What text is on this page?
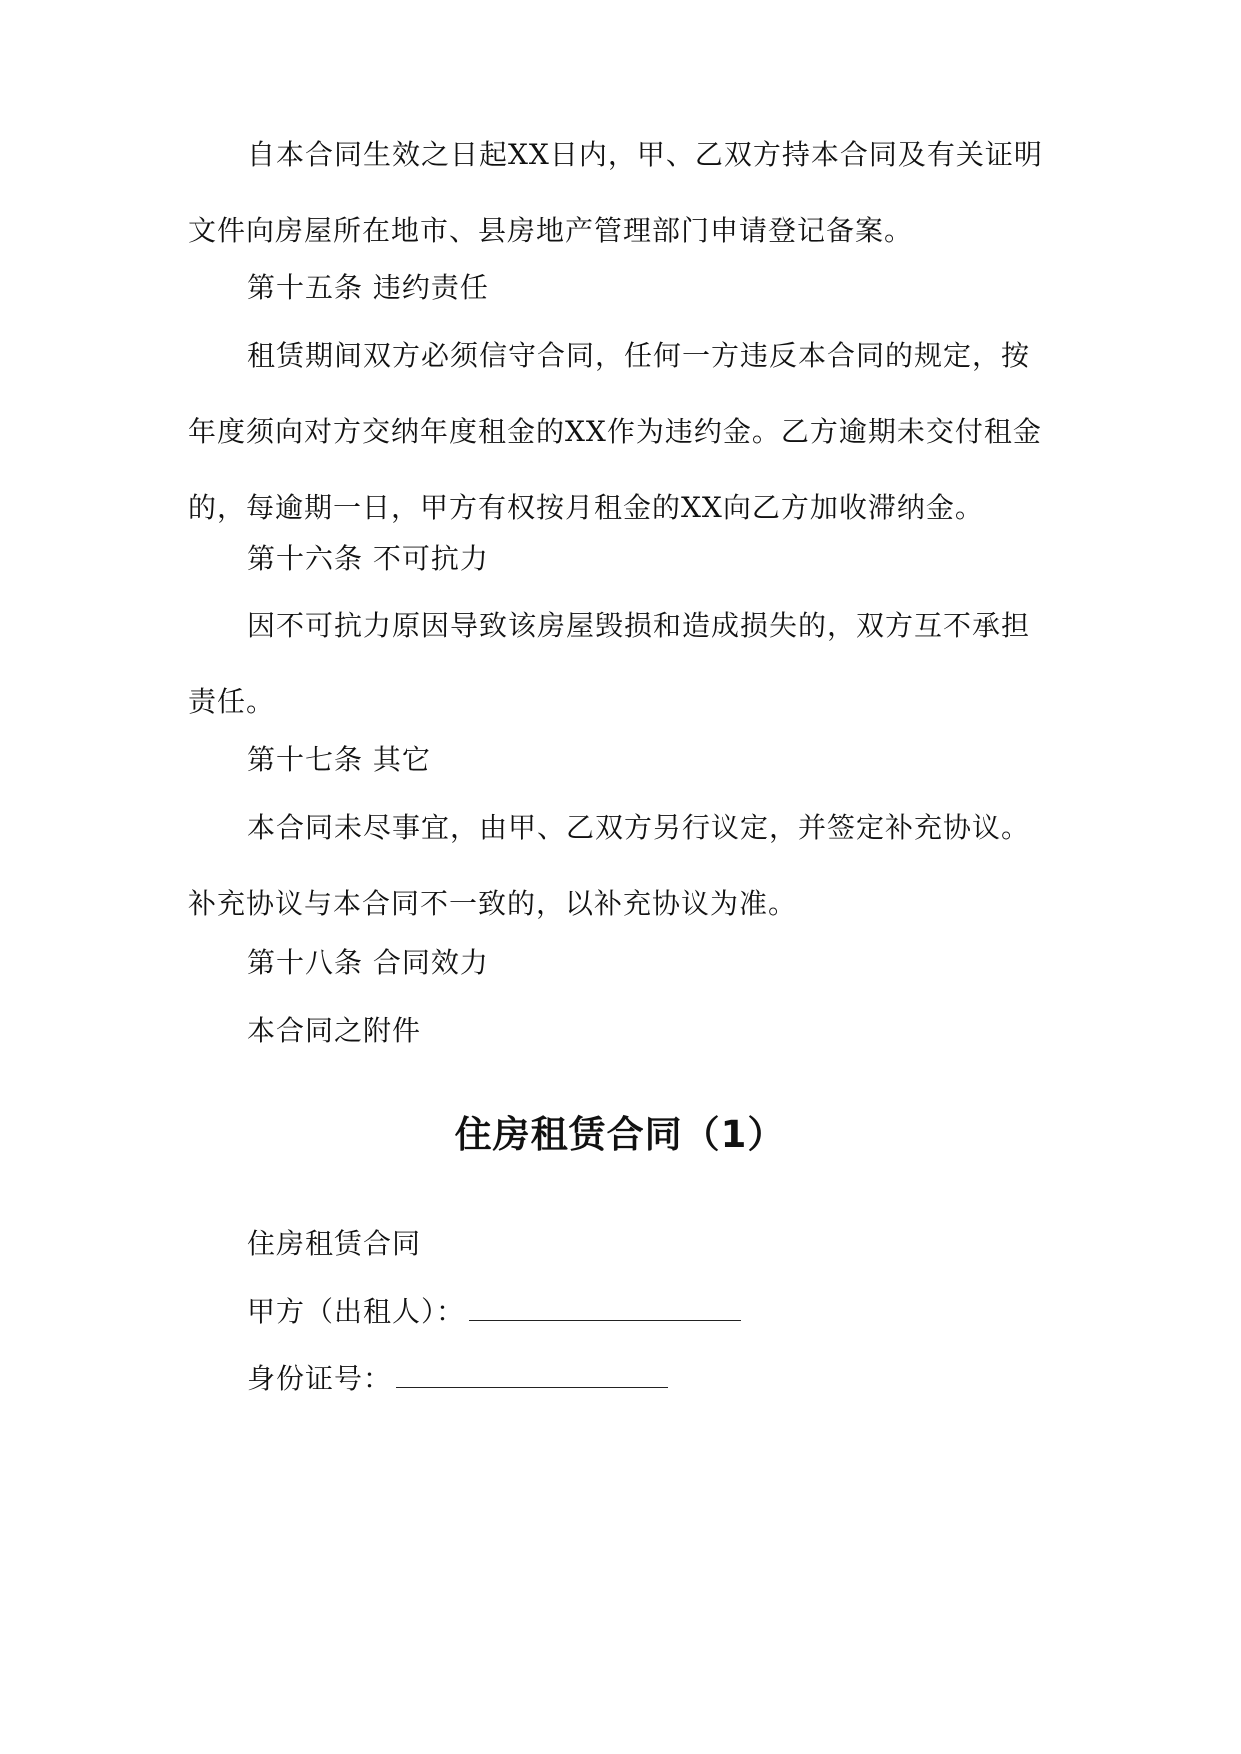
自本合同生效之日起XX日内，甲、乙双方持本合同及有关证明文件向房屋所在地市、县房地产管理部门申请登记备案。

第十五条 违约责任

租赁期间双方必须信守合同，任何一方违反本合同的规定，按年度须向对方交纳年度租金的XX作为违约金。乙方逾期未交付租金的，每逾期一日，甲方有权按月租金的XX向乙方加收滞纳金。

第十六条 不可抗力

因不可抗力原因导致该房屋毁损和造成损失的，双方互不承担责任。

第十七条 其它

本合同未尽事宜，由甲、乙双方另行议定，并签定补充协议。补充协议与本合同不一致的，以补充协议为准。

第十八条 合同效力

本合同之附件

住房租赁合同（1）

住房租赁合同

甲方（出租人）：

身份证号：
